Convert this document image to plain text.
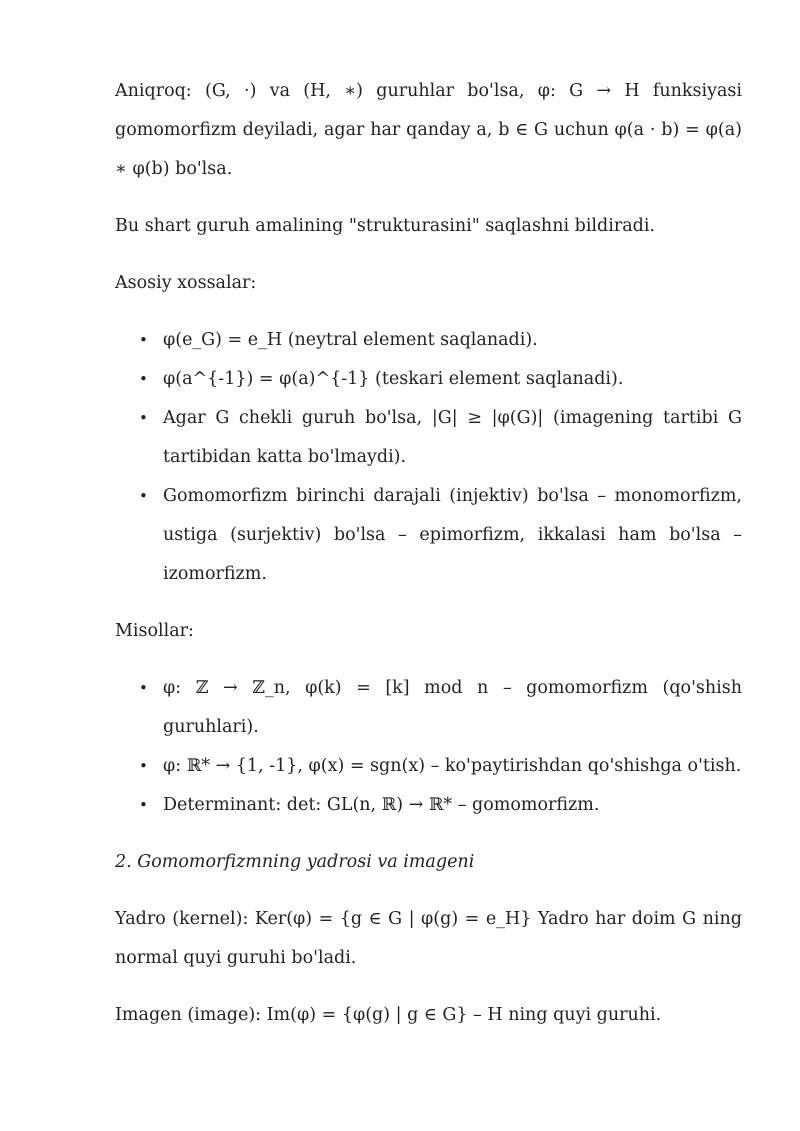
Aniqroq: (G, ·) va (H, ∗) guruhlar bo'lsa, φ: G → H funksiyasi gomomorfizm deyiladi, agar har qanday a, b ∈ G uchun φ(a · b) = φ(a) ∗ φ(b) bo'lsa.

Bu shart guruh amalining "strukturasini" saqlashni bildiradi.

Asosiy xossalar:

• φ(e_G) = e_H (neytral element saqlanadi).
• φ(a^{-1}) = φ(a)^{-1} (teskari element saqlanadi).
• Agar G chekli guruh bo'lsa, |G| ≥ |φ(G)| (imagening tartibi G tartibidan katta bo'lmaydi).
• Gomomorfizm birinchi darajali (injektiv) bo'lsa – monomorfizm, ustiga (surjektiv) bo'lsa – epimorfizm, ikkalasi ham bo'lsa – izomorfizm.

Misollar:

• φ: ℤ → ℤ_n, φ(k) = [k] mod n – gomomorfizm (qo'shish guruhlari).
• φ: ℝ* → {1, -1}, φ(x) = sgn(x) – ko'paytirishdan qo'shishga o'tish.
• Determinant: det: GL(n, ℝ) → ℝ* – gomomorfizm.

2. Gomomorfizmning yadrosi va imageni

Yadro (kernel): Ker(φ) = {g ∈ G | φ(g) = e_H} Yadro har doim G ning normal quyi guruhi bo'ladi.

Imagen (image): Im(φ) = {φ(g) | g ∈ G} – H ning quyi guruhi.
